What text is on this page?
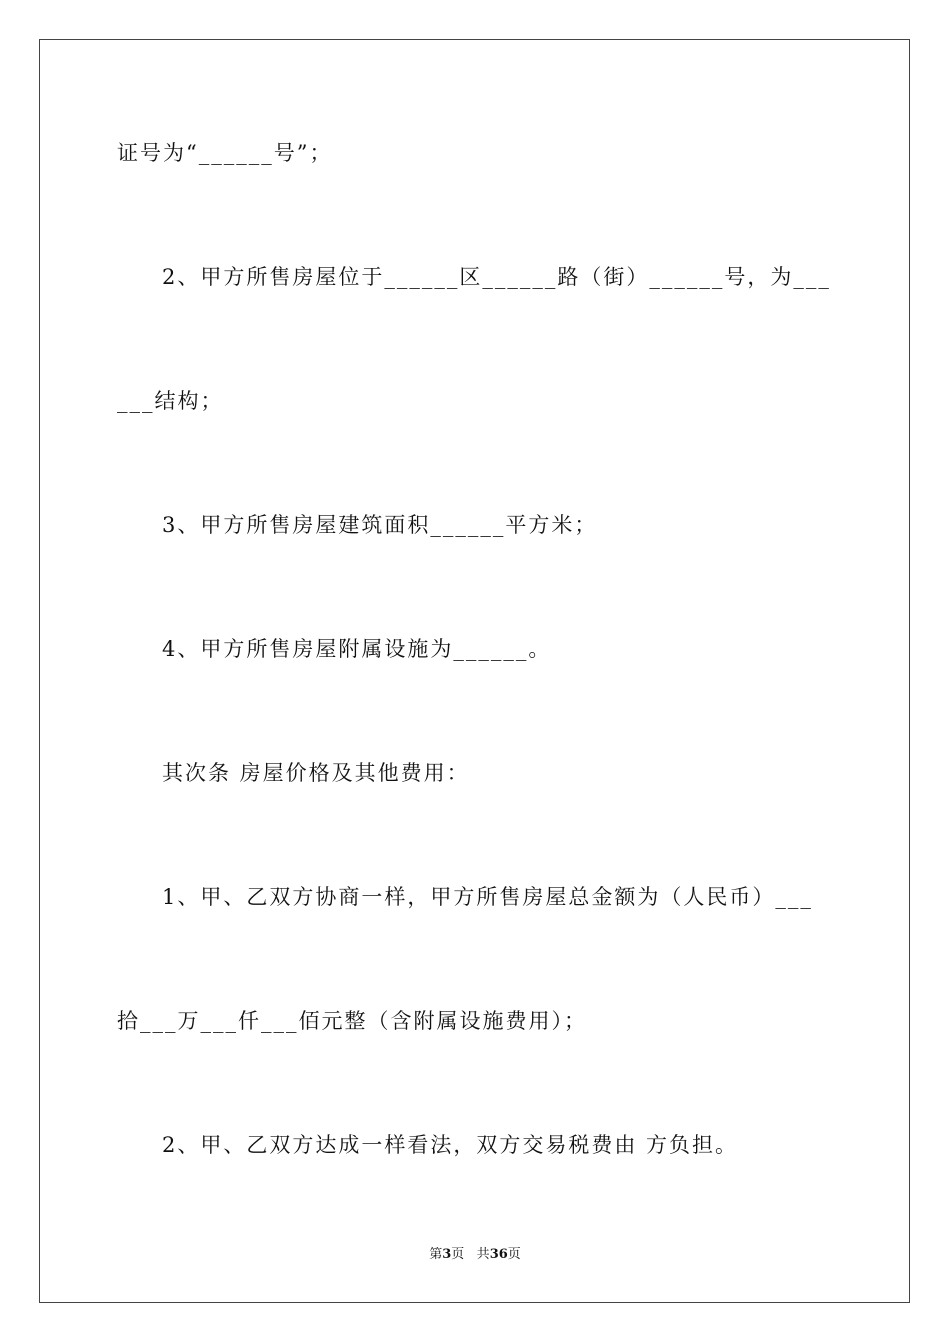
证号为“______号”；
2、甲方所售房屋位于______区______路（街）______号，为___
___结构；
3、甲方所售房屋建筑面积______平方米；
4、甲方所售房屋附属设施为______。
其次条 房屋价格及其他费用：
1、甲、乙双方协商一样，甲方所售房屋总金额为（人民币）___
拾___万___仟___佰元整（含附属设施费用）；
2、甲、乙双方达成一样看法，双方交易税费由 方负担。
第3页 共36页
